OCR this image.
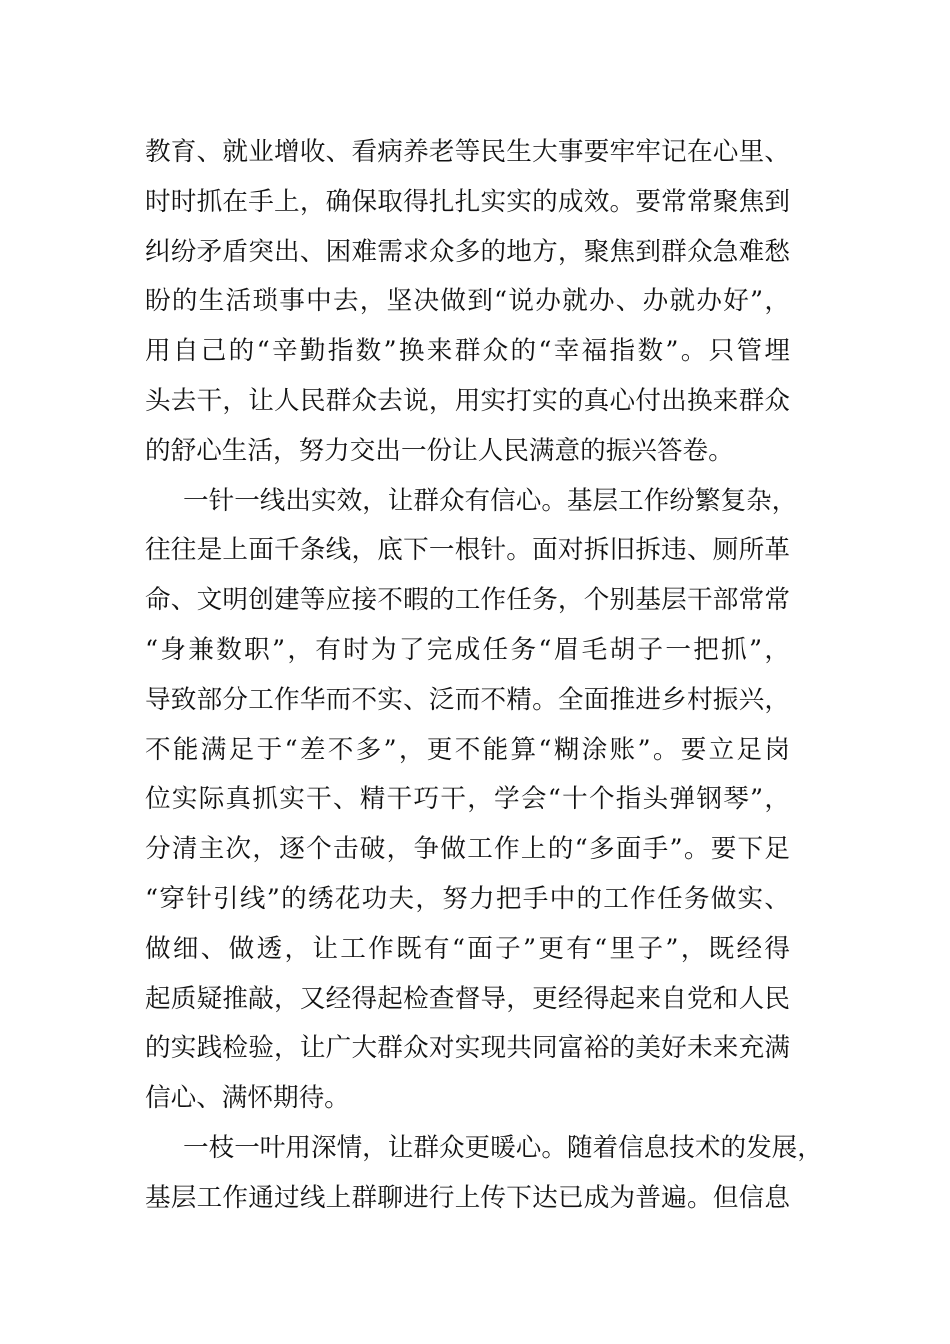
教育、就业增收、看病养老等民生大事要牢牢记在心里、
时时抓在手上，确保取得扎扎实实的成效。要常常聚焦到
纠纷矛盾突出、困难需求众多的地方，聚焦到群众急难愁
盼的生活琐事中去，坚决做到“说办就办、办就办好”，
用自己的“辛勤指数”换来群众的“幸福指数”。只管埋
头去干，让人民群众去说，用实打实的真心付出换来群众
的舒心生活，努力交出一份让人民满意的振兴答卷。
一针一线出实效，让群众有信心。基层工作纷繁复杂，
往往是上面千条线，底下一根针。面对拆旧拆违、厕所革
命、文明创建等应接不暇的工作任务，个别基层干部常常
“身兼数职”，有时为了完成任务“眉毛胡子一把抓”，
导致部分工作华而不实、泛而不精。全面推进乡村振兴，
不能满足于“差不多”，更不能算“糊涂账”。要立足岗
位实际真抓实干、精干巧干，学会“十个指头弹钢琴”，
分清主次，逐个击破，争做工作上的“多面手”。要下足
“穿针引线”的绣花功夫，努力把手中的工作任务做实、
做细、做透，让工作既有“面子”更有“里子”，既经得
起质疑推敲，又经得起检查督导，更经得起来自党和人民
的实践检验，让广大群众对实现共同富裕的美好未来充满
信心、满怀期待。
一枝一叶用深情，让群众更暖心。随着信息技术的发展，
基层工作通过线上群聊进行上传下达已成为普遍。但信息
